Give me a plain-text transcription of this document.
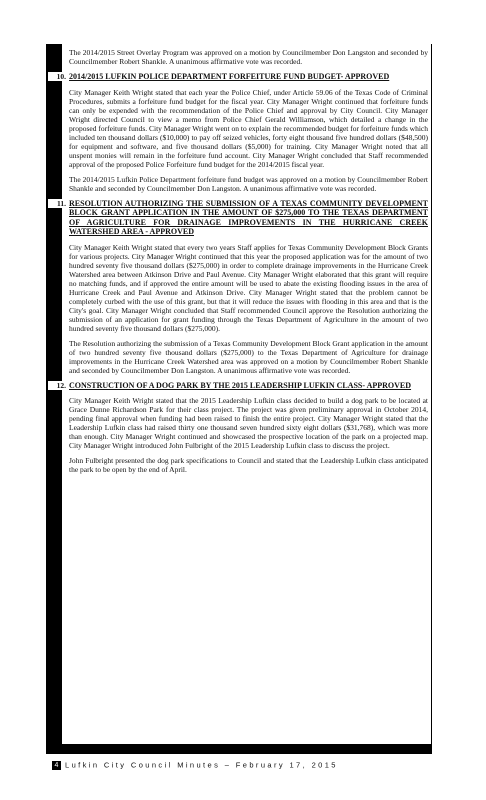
The 2014/2015 Street Overlay Program was approved on a motion by Councilmember Don Langston and seconded by Councilmember Robert Shankle. A unanimous affirmative vote was recorded.

10. 2014/2015 LUFKIN POLICE DEPARTMENT FORFEITURE FUND BUDGET- APPROVED

City Manager Keith Wright stated that each year the Police Chief, under Article 59.06 of the Texas Code of Criminal Procedures, submits a forfeiture fund budget for the fiscal year. City Manager Wright continued that forfeiture funds can only be expended with the recommendation of the Police Chief and approval by City Council. City Manager Wright directed Council to view a memo from Police Chief Gerald Williamson, which detailed a change in the proposed forfeiture funds. City Manager Wright went on to explain the recommended budget for forfeiture funds which included ten thousand dollars ($10,000) to pay off seized vehicles, forty eight thousand five hundred dollars ($48,500) for equipment and software, and five thousand dollars ($5,000) for training. City Manager Wright noted that all unspent monies will remain in the forfeiture fund account. City Manager Wright concluded that Staff recommended approval of the proposed Police Forfeiture fund budget for the 2014/2015 fiscal year.

The 2014/2015 Lufkin Police Department forfeiture fund budget was approved on a motion by Councilmember Robert Shankle and seconded by Councilmember Don Langston. A unanimous affirmative vote was recorded.

11. RESOLUTION AUTHORIZING THE SUBMISSION OF A TEXAS COMMUNITY DEVELOPMENT BLOCK GRANT APPLICATION IN THE AMOUNT OF $275,000 TO THE TEXAS DEPARTMENT OF AGRICULTURE FOR DRAINAGE IMPROVEMENTS IN THE HURRICANE CREEK WATERSHED AREA - APPROVED

City Manager Keith Wright stated that every two years Staff applies for Texas Community Development Block Grants for various projects. City Manager Wright continued that this year the proposed application was for the amount of two hundred seventy five thousand dollars ($275,000) in order to complete drainage improvements in the Hurricane Creek Watershed area between Atkinson Drive and Paul Avenue. City Manager Wright elaborated that this grant will require no matching funds, and if approved the entire amount will be used to abate the existing flooding issues in the area of Hurricane Creek and Paul Avenue and Atkinson Drive. City Manager Wright stated that the problem cannot be completely curbed with the use of this grant, but that it will reduce the issues with flooding in this area and that is the City's goal. City Manager Wright concluded that Staff recommended Council approve the Resolution authorizing the submission of an application for grant funding through the Texas Department of Agriculture in the amount of two hundred seventy five thousand dollars ($275,000).

The Resolution authorizing the submission of a Texas Community Development Block Grant application in the amount of two hundred seventy five thousand dollars ($275,000) to the Texas Department of Agriculture for drainage improvements in the Hurricane Creek Watershed area was approved on a motion by Councilmember Robert Shankle and seconded by Councilmember Don Langston. A unanimous affirmative vote was recorded.

12. CONSTRUCTION OF A DOG PARK BY THE 2015 LEADERSHIP LUFKIN CLASS- APPROVED

City Manager Keith Wright stated that the 2015 Leadership Lufkin class decided to build a dog park to be located at Grace Dunne Richardson Park for their class project. The project was given preliminary approval in October 2014, pending final approval when funding had been raised to finish the entire project. City Manager Wright stated that the Leadership Lufkin class had raised thirty one thousand seven hundred sixty eight dollars ($31,768), which was more than enough. City Manager Wright continued and showcased the prospective location of the park on a projected map. City Manager Wright introduced John Fulbright of the 2015 Leadership Lufkin class to discuss the project.

John Fulbright presented the dog park specifications to Council and stated that the Leadership Lufkin class anticipated the park to be open by the end of April.

4 Lufkin City Council Minutes – February 17, 2015
